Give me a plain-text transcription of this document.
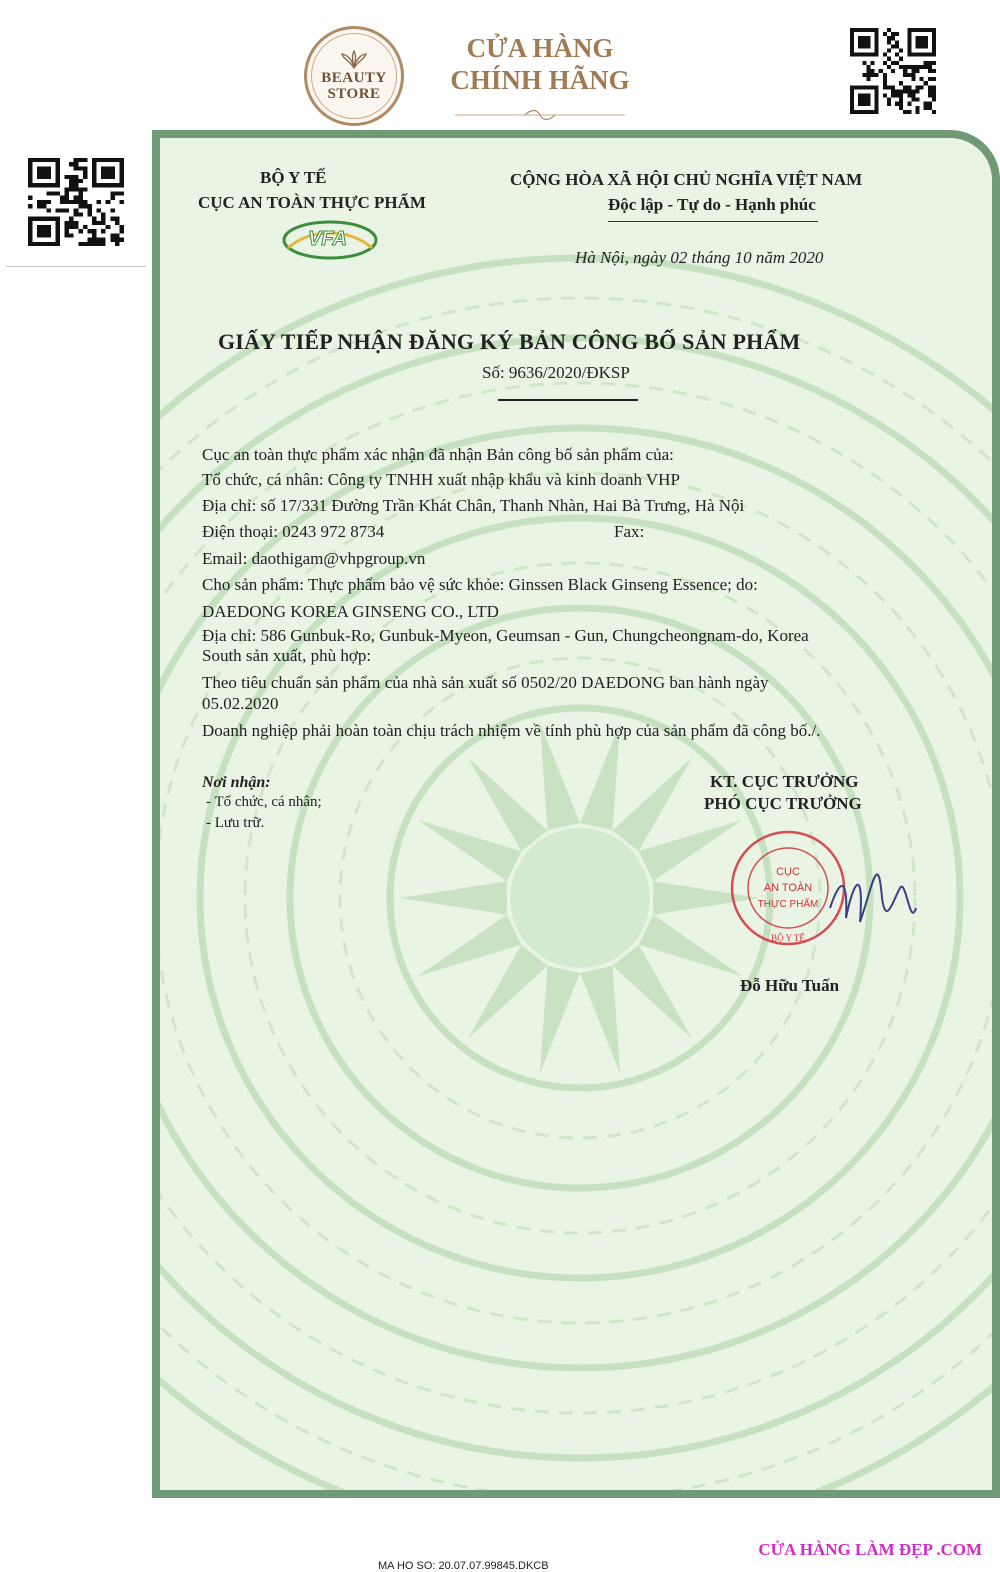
BEAUTY
STORE
CỬA HÀNG
CHÍNH HÃNG
BỘ Y TẾ
CỤC AN TOÀN THỰC PHẨM
VFA
CỘNG HÒA XÃ HỘI CHỦ NGHĨA VIỆT NAM
Độc lập - Tự do - Hạnh phúc
Hà Nội, ngày 02 tháng 10 năm 2020
GIẤY TIẾP NHẬN ĐĂNG KÝ BẢN CÔNG BỐ SẢN PHẨM
Số: 9636/2020/ĐKSP
Cục an toàn thực phẩm xác nhận đã nhận Bản công bố sản phẩm của:
Tổ chức, cá nhân: Công ty TNHH xuất nhập khẩu và kinh doanh VHP
Địa chỉ: số 17/331 Đường Trần Khát Chân, Thanh Nhàn, Hai Bà Trưng, Hà Nội
Điện thoại: 0243 972 8734	Fax:
Email: daothigam@vhpgroup.vn
Cho sản phẩm: Thực phẩm bảo vệ sức khỏe: Ginssen Black Ginseng Essence; do:
DAEDONG KOREA GINSENG CO., LTD
Địa chỉ: 586 Gunbuk-Ro, Gunbuk-Myeon, Geumsan - Gun, Chungcheongnam-do, Korea
South sản xuất, phù hợp:
Theo tiêu chuẩn sản phẩm của nhà sản xuất số 0502/20 DAEDONG ban hành ngày
05.02.2020
Doanh nghiệp phải hoàn toàn chịu trách nhiệm về tính phù hợp của sản phẩm đã công bố./.
Nơi nhận:
- Tổ chức, cá nhân;
- Lưu trữ.
KT. CỤC TRƯỞNG
PHÓ CỤC TRƯỞNG
BỘ Y TẾ
CỤC
AN TOÀN
THỰC PHẨM
Đỗ Hữu Tuấn
CỬA HÀNG LÀM ĐẸP .COM
MA HO SO: 20.07.07.99845.DKCB
